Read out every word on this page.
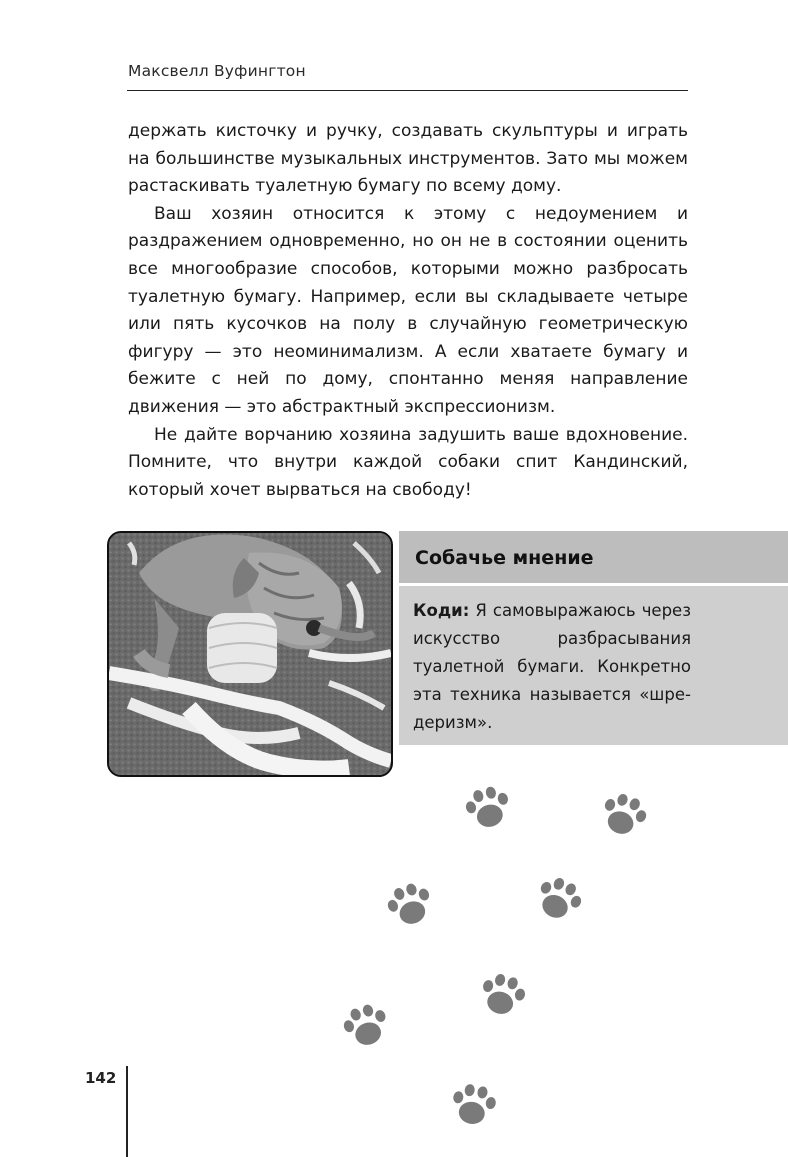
Максвелл Вуфингтон

держать кисточку и ручку, создавать скульптуры и играть на большинстве музыкальных инструментов. Зато мы можем растаскивать туалетную бумагу по всему дому.

Ваш хозяин относится к этому с недоумением и раздражением одновременно, но он не в состоянии оценить все многообразие способов, которыми можно разбросать туалетную бумагу. Например, если вы складываете четыре или пять кусочков на полу в случайную геометрическую фигуру — это неоминимализм. А если хватаете бумагу и бежите с ней по дому, спонтанно меняя направление движения — это абстрактный экспрессионизм.

Не дайте ворчанию хозяина задушить ваше вдохновение. Помните, что внутри каждой собаки спит Кандинский, который хочет вырваться на свободу!

Собачье мнение
Коди: Я самовыражаюсь через искусство разбрасывания туалетной бумаги. Конкретно эта техника называется «шредеризм».
142
